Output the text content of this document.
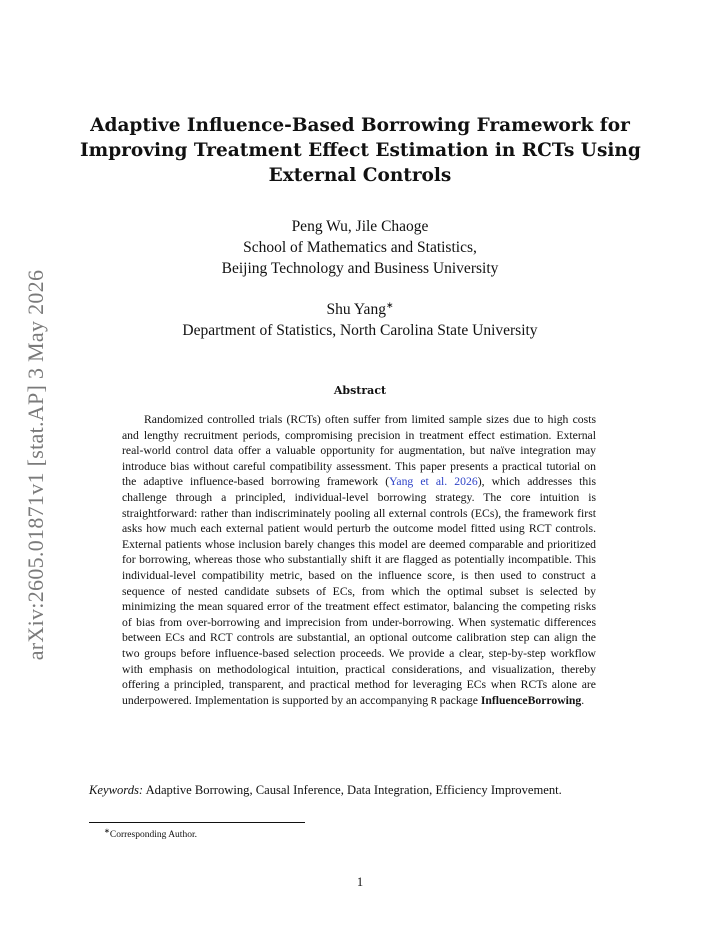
arXiv:2605.01871v1 [stat.AP] 3 May 2026
Adaptive Influence-Based Borrowing Framework for
Improving Treatment Effect Estimation in RCTs Using
External Controls
Peng Wu, Jile Chaoge
School of Mathematics and Statistics,
Beijing Technology and Business University
Shu Yang∗
Department of Statistics, North Carolina State University
Abstract
Randomized controlled trials (RCTs) often suffer from limited sample sizes due to high costs and lengthy recruitment periods, compromising precision in treatment effect estimation. External real-world control data offer a valuable opportunity for augmentation, but naïve integration may introduce bias without careful compatibility assessment. This paper presents a practical tutorial on the adaptive influence-based borrowing framework (Yang et al. 2026), which addresses this challenge through a principled, individual-level borrowing strategy. The core intuition is straightforward: rather than indiscriminately pooling all external controls (ECs), the framework first asks how much each external patient would perturb the outcome model fitted using RCT controls. External patients whose inclusion barely changes this model are deemed comparable and prioritized for borrowing, whereas those who substantially shift it are flagged as potentially incompatible. This individual-level compatibility metric, based on the influence score, is then used to construct a sequence of nested candidate subsets of ECs, from which the optimal subset is selected by minimizing the mean squared error of the treatment effect estimator, balancing the competing risks of bias from over-borrowing and imprecision from under-borrowing. When systematic differences between ECs and RCT controls are substantial, an optional outcome calibration step can align the two groups before influence-based selection proceeds. We provide a clear, step-by-step workflow with emphasis on methodological intuition, practical considerations, and visualization, thereby offering a principled, transparent, and practical method for leveraging ECs when RCTs alone are underpowered. Implementation is supported by an accompanying R package InfluenceBorrowing.
Keywords: Adaptive Borrowing, Causal Inference, Data Integration, Efficiency Improvement.
∗Corresponding Author.
1
